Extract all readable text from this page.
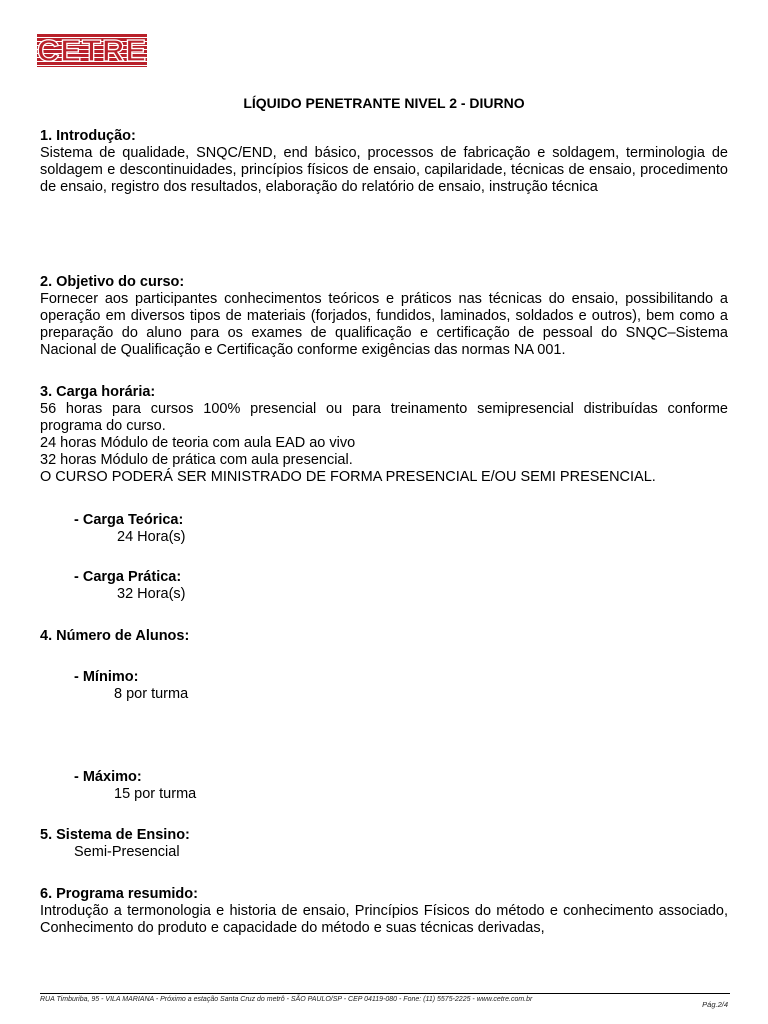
CETRE
LÍQUIDO PENETRANTE NIVEL 2 - DIURNO
1. Introdução:

Sistema de qualidade, SNQC/END, end básico, processos de fabricação e soldagem, terminologia de soldagem e descontinuidades, princípios físicos de ensaio, capilaridade, técnicas de ensaio, procedimento de ensaio, registro dos resultados, elaboração do relatório de ensaio, instrução técnica

2. Objetivo do curso:

Fornecer aos participantes conhecimentos teóricos e práticos nas técnicas do ensaio, possibilitando a operação em diversos tipos de materiais (forjados, fundidos, laminados, soldados e outros), bem como a preparação do aluno para os exames de qualificação e certificação de pessoal do SNQC–Sistema Nacional de Qualificação e Certificação conforme exigências das normas NA 001.

3. Carga horária:

56 horas para cursos 100% presencial ou para treinamento semipresencial distribuídas conforme programa do curso.

24 horas Módulo de teoria com aula EAD ao vivo

32 horas Módulo de prática com aula presencial.

O CURSO PODERÁ SER MINISTRADO DE FORMA PRESENCIAL E/OU SEMI PRESENCIAL.

- Carga Teórica:
24 Hora(s)
- Carga Prática:
32 Hora(s)
4. Número de Alunos:
- Mínimo:
8 por turma
- Máximo:
15 por turma
5. Sistema de Ensino:
Semi-Presencial
6. Programa resumido:

Introdução a termonologia e historia de ensaio, Princípios Físicos do método e conhecimento associado, Conhecimento do produto e capacidade do método e suas técnicas derivadas,

RUA Timburiba, 95 - VILA MARIANA - Próximo a estação Santa Cruz do metrô - SÃO PAULO/SP - CEP 04119-080 - Fone: (11) 5575-2225 - www.cetre.com.br
Pág.2/4
